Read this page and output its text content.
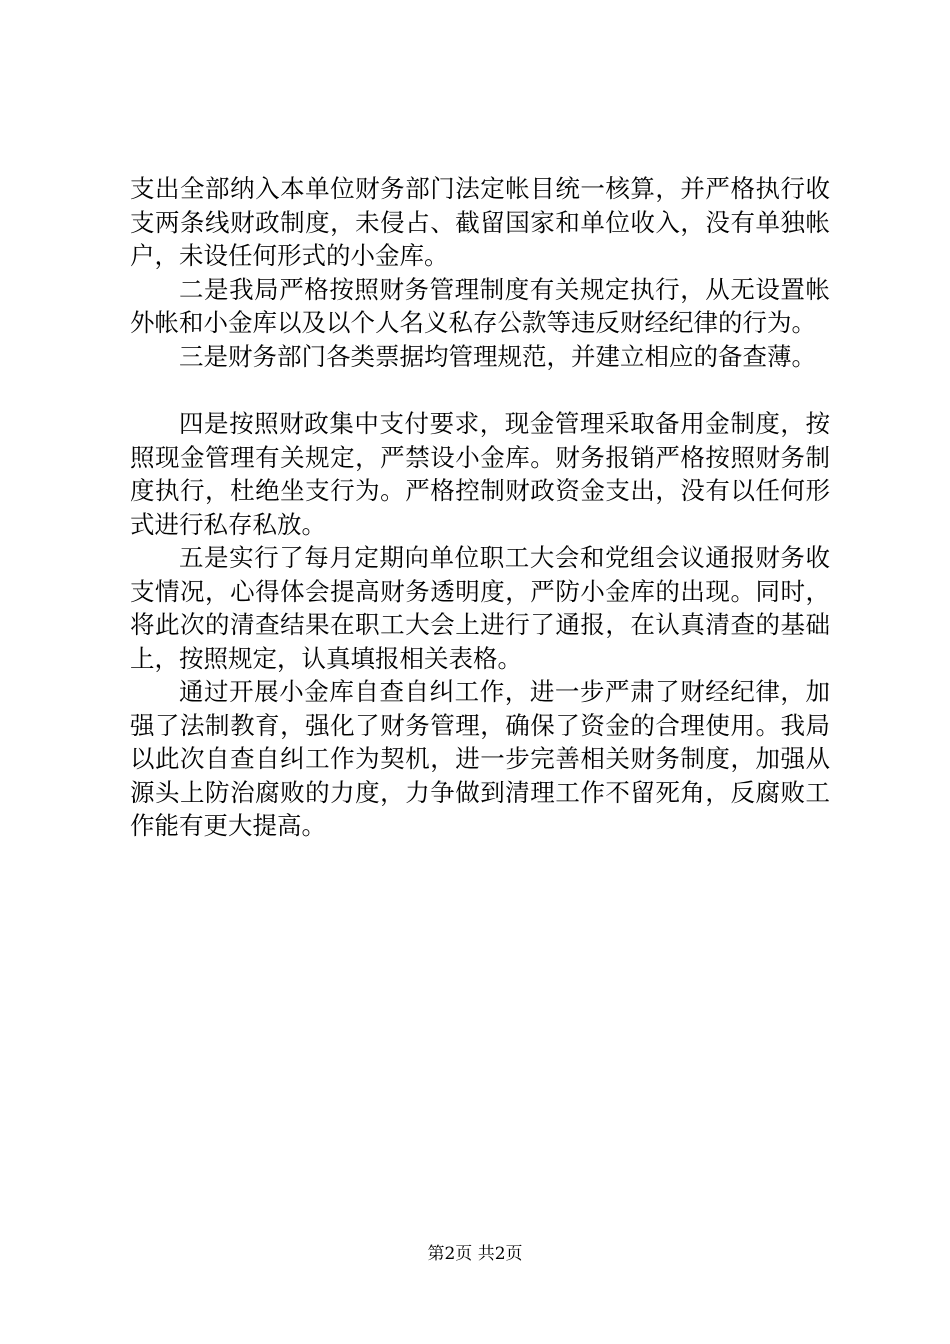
支出全部纳入本单位财务部门法定帐目统一核算，并严格执行收支两条线财政制度，未侵占、截留国家和单位收入，没有单独帐户，未设任何形式的小金库。

二是我局严格按照财务管理制度有关规定执行，从无设置帐外帐和小金库以及以个人名义私存公款等违反财经纪律的行为。

三是财务部门各类票据均管理规范，并建立相应的备查薄。

四是按照财政集中支付要求，现金管理采取备用金制度，按照现金管理有关规定，严禁设小金库。财务报销严格按照财务制度执行，杜绝坐支行为。严格控制财政资金支出，没有以任何形式进行私存私放。

五是实行了每月定期向单位职工大会和党组会议通报财务收支情况，心得体会提高财务透明度，严防小金库的出现。同时，将此次的清查结果在职工大会上进行了通报，在认真清查的基础上，按照规定，认真填报相关表格。

通过开展小金库自查自纠工作，进一步严肃了财经纪律，加强了法制教育，强化了财务管理，确保了资金的合理使用。我局以此次自查自纠工作为契机，进一步完善相关财务制度，加强从源头上防治腐败的力度，力争做到清理工作不留死角，反腐败工作能有更大提高。

第2页 共2页
